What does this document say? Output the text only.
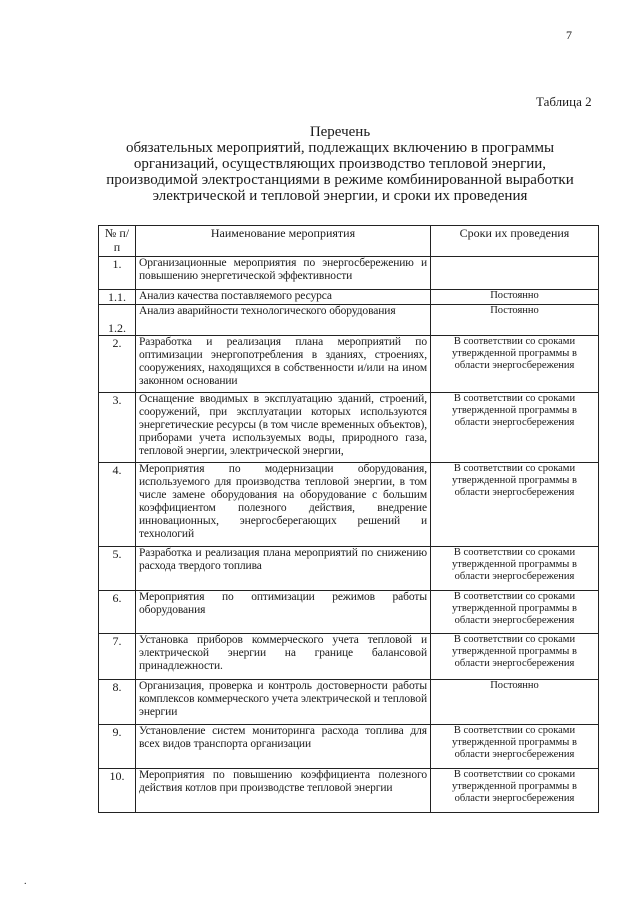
7
Таблица 2
Перечень
обязательных мероприятий, подлежащих включению в программы
организаций, осуществляющих производство тепловой энергии,
производимой электростанциями в режиме комбинированной выработки
электрической и тепловой энергии, и сроки их проведения
№ п/п	Наименование мероприятия	Сроки их проведения
1.	Организационные мероприятия по энергосбережению и повышению энергетической эффективности	
1.1.	Анализ качества поставляемого ресурса	Постоянно
1.2.	Анализ аварийности технологического оборудования	Постоянно
2.	Разработка и реализация плана мероприятий по оптимизации энергопотребления в зданиях, строениях, сооружениях, находящихся в собственности и/или на ином законном основании	В соответствии со сроками утвержденной программы в области энергосбережения
3.	Оснащение вводимых в эксплуатацию зданий, строений, сооружений, при эксплуатации которых используются энергетические ресурсы (в том числе временных объектов), приборами учета используемых воды, природного газа, тепловой энергии, электрической энергии,	В соответствии со сроками утвержденной программы в области энергосбережения
4.	Мероприятия по модернизации оборудования, используемого для производства тепловой энергии, в том числе замене оборудования на оборудование с большим коэффициентом полезного действия, внедрение инновационных, энергосберегающих решений и технологий	В соответствии со сроками утвержденной программы в области энергосбережения
5.	Разработка и реализация плана мероприятий по снижению расхода твердого топлива	В соответствии со сроками утвержденной программы в области энергосбережения
6.	Мероприятия по оптимизации режимов работы оборудования	В соответствии со сроками утвержденной программы в области энергосбережения
7.	Установка приборов коммерческого учета тепловой и электрической энергии на границе балансовой принадлежности.	В соответствии со сроками утвержденной программы в области энергосбережения
8.	Организация, проверка и контроль достоверности работы комплексов коммерческого учета электрической и тепловой энергии	Постоянно
9.	Установление систем мониторинга расхода топлива для всех видов транспорта организации	В соответствии со сроками утвержденной программы в области энергосбережения
10.	Мероприятия по повышению коэффициента полезного действия котлов при производстве тепловой энергии	В соответствии со сроками утвержденной программы в области энергосбережения
.
